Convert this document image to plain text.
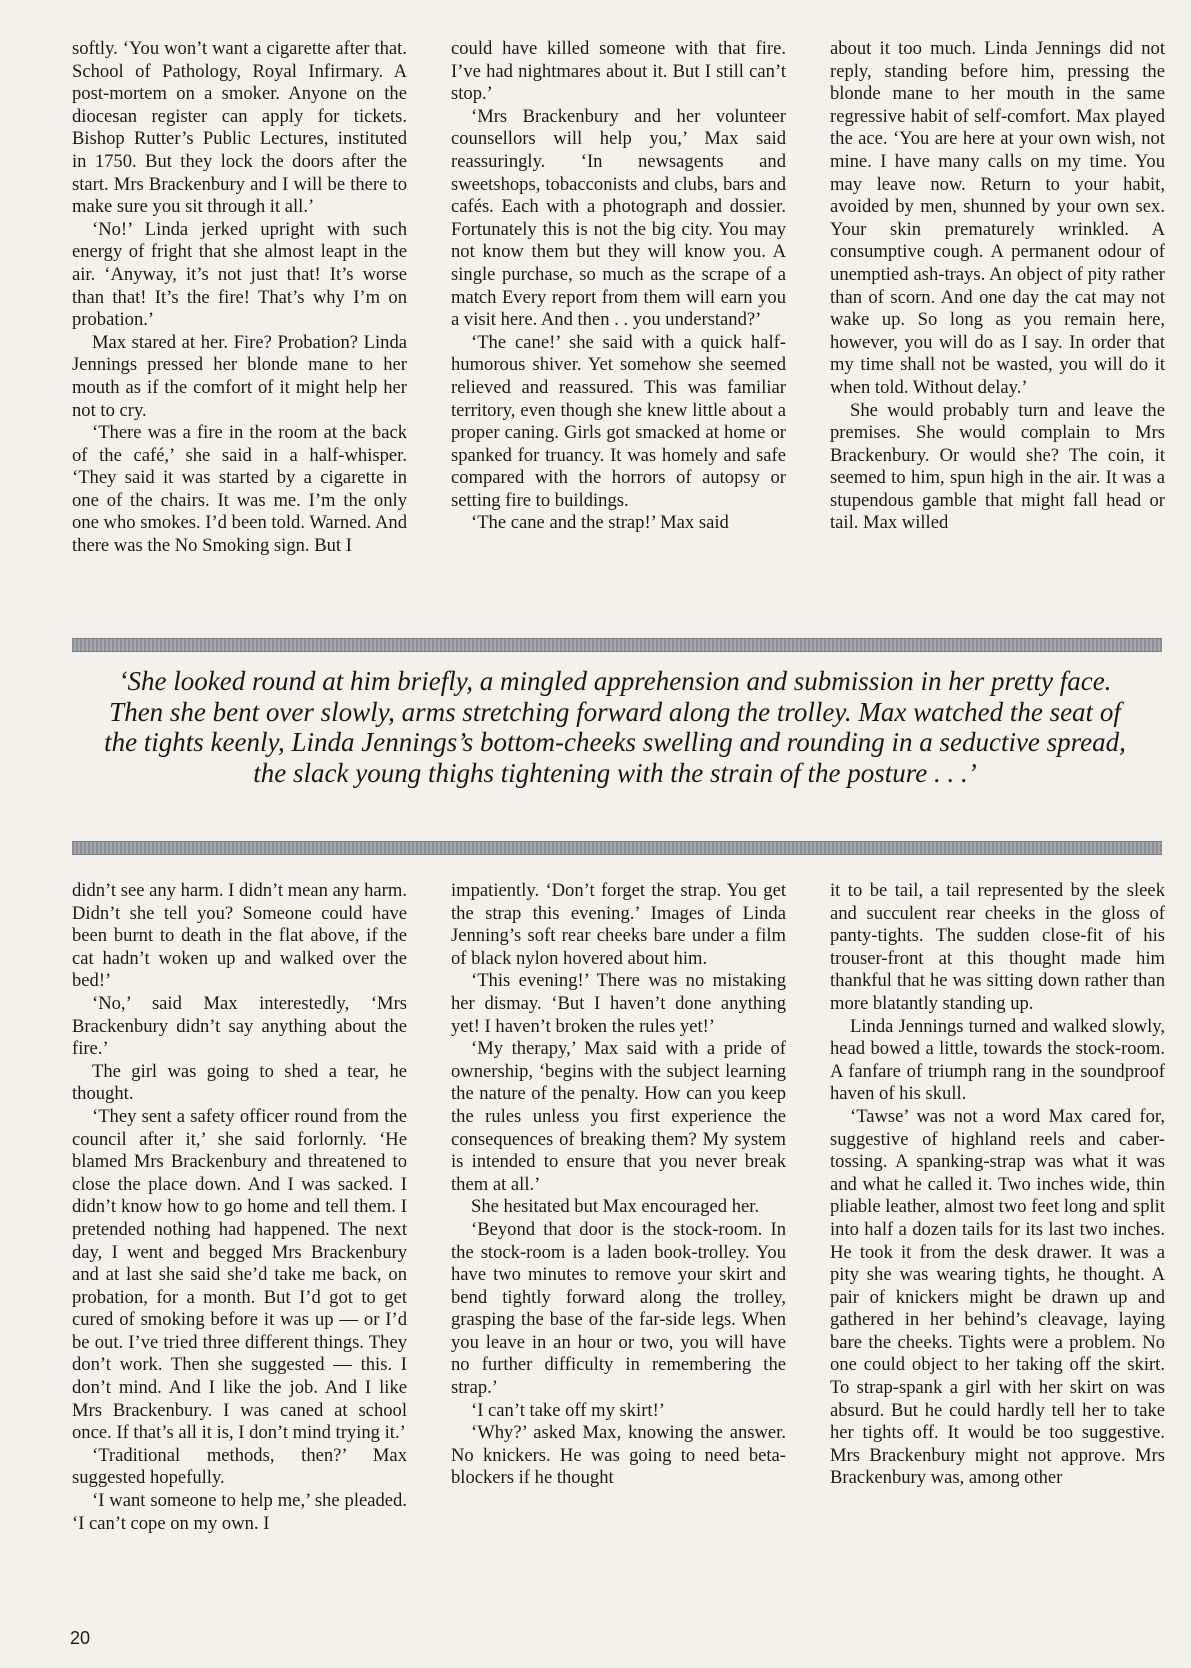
softly. ‘You won’t want a cigarette after that. School of Pathology, Royal Infirmary. A post-mortem on a smoker. Anyone on the diocesan register can apply for tickets. Bishop Rutter’s Public Lectures, instituted in 1750. But they lock the doors after the start. Mrs Brackenbury and I will be there to make sure you sit through it all.’

‘No!’ Linda jerked upright with such energy of fright that she almost leapt in the air. ‘Anyway, it’s not just that! It’s worse than that! It’s the fire! That’s why I’m on probation.’

Max stared at her. Fire? Probation? Linda Jennings pressed her blonde mane to her mouth as if the comfort of it might help her not to cry.

‘There was a fire in the room at the back of the café,’ she said in a half-whisper. ‘They said it was started by a cigarette in one of the chairs. It was me. I’m the only one who smokes. I’d been told. Warned. And there was the No Smoking sign. But I

could have killed someone with that fire. I’ve had nightmares about it. But I still can’t stop.’

‘Mrs Brackenbury and her volunteer counsellors will help you,’ Max said reassuringly. ‘In newsagents and sweetshops, tobacconists and clubs, bars and cafés. Each with a photograph and dossier. Fortunately this is not the big city. You may not know them but they will know you. A single purchase, so much as the scrape of a match Every report from them will earn you a visit here. And then . . you understand?’

‘The cane!’ she said with a quick half-humorous shiver. Yet somehow she seemed relieved and reassured. This was familiar territory, even though she knew little about a proper caning. Girls got smacked at home or spanked for truancy. It was homely and safe compared with the horrors of autopsy or setting fire to buildings.

‘The cane and the strap!’ Max said

about it too much. Linda Jennings did not reply, standing before him, pressing the blonde mane to her mouth in the same regressive habit of self-comfort. Max played the ace. ‘You are here at your own wish, not mine. I have many calls on my time. You may leave now. Return to your habit, avoided by men, shunned by your own sex. Your skin prematurely wrinkled. A consumptive cough. A permanent odour of unemptied ash-trays. An object of pity rather than of scorn. And one day the cat may not wake up. So long as you remain here, however, you will do as I say. In order that my time shall not be wasted, you will do it when told. Without delay.’

She would probably turn and leave the premises. She would complain to Mrs Brackenbury. Or would she? The coin, it seemed to him, spun high in the air. It was a stupendous gamble that might fall head or tail. Max willed

‘She looked round at him briefly, a mingled apprehension and submission in her pretty face. Then she bent over slowly, arms stretching forward along the trolley. Max watched the seat of the tights keenly, Linda Jennings’s bottom-cheeks swelling and rounding in a seductive spread, the slack young thighs tightening with the strain of the posture . . .’

didn’t see any harm. I didn’t mean any harm. Didn’t she tell you? Someone could have been burnt to death in the flat above, if the cat hadn’t woken up and walked over the bed!’

‘No,’ said Max interestedly, ‘Mrs Brackenbury didn’t say anything about the fire.’

The girl was going to shed a tear, he thought.

‘They sent a safety officer round from the council after it,’ she said forlornly. ‘He blamed Mrs Brackenbury and threatened to close the place down. And I was sacked. I didn’t know how to go home and tell them. I pretended nothing had happened. The next day, I went and begged Mrs Brackenbury and at last she said she’d take me back, on probation, for a month. But I’d got to get cured of smoking before it was up — or I’d be out. I’ve tried three different things. They don’t work. Then she suggested — this. I don’t mind. And I like the job. And I like Mrs Brackenbury. I was caned at school once. If that’s all it is, I don’t mind trying it.’

‘Traditional methods, then?’ Max suggested hopefully.

‘I want someone to help me,’ she pleaded. ‘I can’t cope on my own. I

impatiently. ‘Don’t forget the strap. You get the strap this evening.’ Images of Linda Jenning’s soft rear cheeks bare under a film of black nylon hovered about him.

‘This evening!’ There was no mistaking her dismay. ‘But I haven’t done anything yet! I haven’t broken the rules yet!’

‘My therapy,’ Max said with a pride of ownership, ‘begins with the subject learning the nature of the penalty. How can you keep the rules unless you first experience the consequences of breaking them? My system is intended to ensure that you never break them at all.’

She hesitated but Max encouraged her.

‘Beyond that door is the stock-room. In the stock-room is a laden book-trolley. You have two minutes to remove your skirt and bend tightly forward along the trolley, grasping the base of the far-side legs. When you leave in an hour or two, you will have no further difficulty in remembering the strap.’

‘I can’t take off my skirt!’

‘Why?’ asked Max, knowing the answer. No knickers. He was going to need beta-blockers if he thought

it to be tail, a tail represented by the sleek and succulent rear cheeks in the gloss of panty-tights. The sudden close-fit of his trouser-front at this thought made him thankful that he was sitting down rather than more blatantly standing up.

Linda Jennings turned and walked slowly, head bowed a little, towards the stock-room. A fanfare of triumph rang in the soundproof haven of his skull.

‘Tawse’ was not a word Max cared for, suggestive of highland reels and caber-tossing. A spanking-strap was what it was and what he called it. Two inches wide, thin pliable leather, almost two feet long and split into half a dozen tails for its last two inches. He took it from the desk drawer. It was a pity she was wearing tights, he thought. A pair of knickers might be drawn up and gathered in her behind’s cleavage, laying bare the cheeks. Tights were a problem. No one could object to her taking off the skirt. To strap-spank a girl with her skirt on was absurd. But he could hardly tell her to take her tights off. It would be too suggestive. Mrs Brackenbury might not approve. Mrs Brackenbury was, among other

20
